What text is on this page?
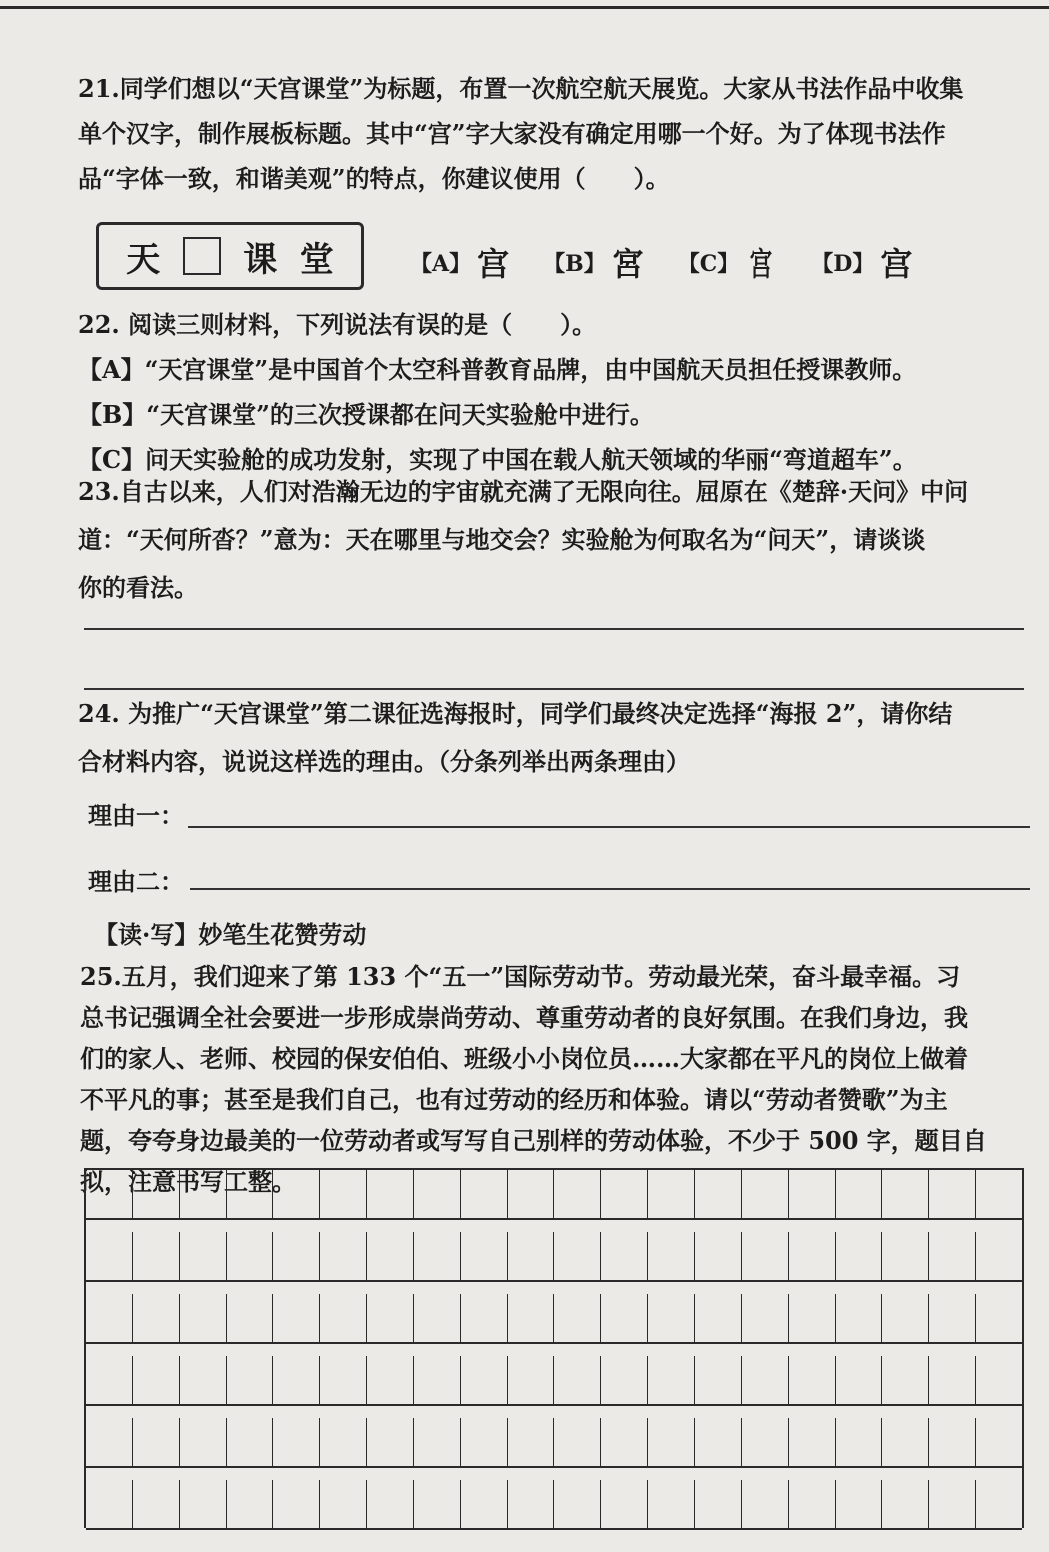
21.同学们想以“天宫课堂”为标题，布置一次航空航天展览。大家从书法作品中收集
单个汉字，制作展板标题。其中“宫”字大家没有确定用哪一个好。为了体现书法作
品“字体一致，和谐美观”的特点，你建议使用（　　）。
天 课 堂	【A】 宫 【B】 宮 【C】 宫 【D】 宫
22. 阅读三则材料，下列说法有误的是（　　）。
【A】“天宫课堂”是中国首个太空科普教育品牌，由中国航天员担任授课教师。
【B】“天宫课堂”的三次授课都在问天实验舱中进行。
【C】问天实验舱的成功发射，实现了中国在载人航天领域的华丽“弯道超车”。
23.自古以来，人们对浩瀚无边的宇宙就充满了无限向往。屈原在《楚辞·天问》中问
道：“天何所沓？”意为：天在哪里与地交会？实验舱为何取名为“问天”，请谈谈
你的看法。
24. 为推广“天宫课堂”第二课征选海报时，同学们最终决定选择“海报 2”，请你结
合材料内容，说说这样选的理由。（分条列举出两条理由）
理由一：
理由二：
【读·写】妙笔生花赞劳动
25.五月，我们迎来了第 133 个“五一”国际劳动节。劳动最光荣，奋斗最幸福。习
总书记强调全社会要进一步形成崇尚劳动、尊重劳动者的良好氛围。在我们身边，我
们的家人、老师、校园的保安伯伯、班级小小岗位员……大家都在平凡的岗位上做着
不平凡的事；甚至是我们自己，也有过劳动的经历和体验。请以“劳动者赞歌”为主
题，夸夸身边最美的一位劳动者或写写自己别样的劳动体验，不少于 500 字，题目自
拟，注意书写工整。
